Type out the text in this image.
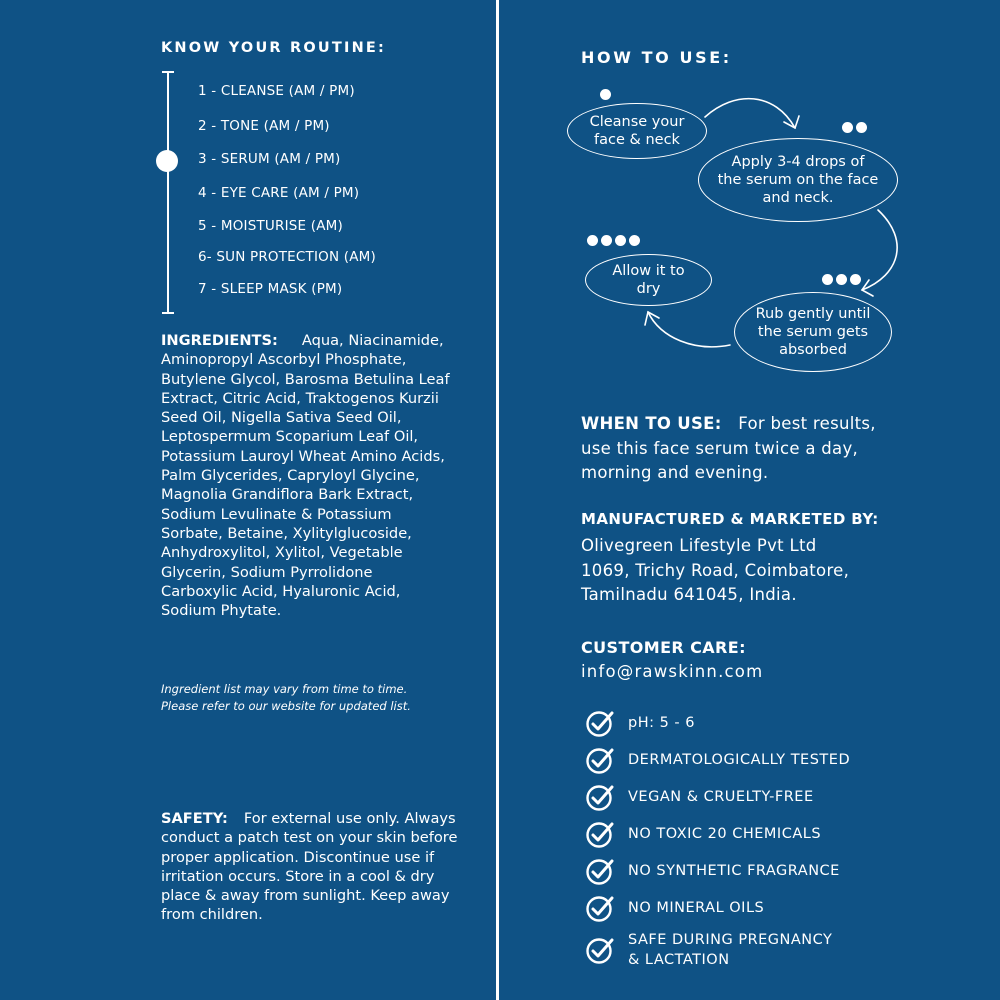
KNOW YOUR ROUTINE:
1 - CLEANSE (AM / PM)
2 - TONE (AM / PM)
3 - SERUM (AM / PM)
4 - EYE CARE (AM / PM)
5 - MOISTURISE (AM)
6- SUN PROTECTION (AM)
7 - SLEEP MASK (PM)
INGREDIENTS: Aqua, Niacinamide, Aminopropyl Ascorbyl Phosphate, Butylene Glycol, Barosma Betulina Leaf Extract, Citric Acid, Traktogenos Kurzii Seed Oil, Nigella Sativa Seed Oil, Leptospermum Scoparium Leaf Oil, Potassium Lauroyl Wheat Amino Acids, Palm Glycerides, Capryloyl Glycine, Magnolia Grandiflora Bark Extract, Sodium Levulinate & Potassium Sorbate, Betaine, Xylitylglucoside, Anhydroxylitol, Xylitol, Vegetable Glycerin, Sodium Pyrrolidone Carboxylic Acid, Hyaluronic Acid, Sodium Phytate.
Ingredient list may vary from time to time.
Please refer to our website for updated list.
SAFETY: For external use only. Always conduct a patch test on your skin before proper application. Discontinue use if irritation occurs. Store in a cool & dry place & away from sunlight. Keep away from children.
HOW TO USE:
Cleanse your
face & neck
Apply 3-4 drops of
the serum on the face
and neck.
Rub gently until
the serum gets
absorbed
Allow it to
dry
WHEN TO USE: For best results,
use this face serum twice a day,
morning and evening.
MANUFACTURED & MARKETED BY:
Olivegreen Lifestyle Pvt Ltd
1069, Trichy Road, Coimbatore,
Tamilnadu 641045, India.
CUSTOMER CARE:
info@rawskinn.com
pH: 5 - 6
DERMATOLOGICALLY TESTED
VEGAN & CRUELTY-FREE
NO TOXIC 20 CHEMICALS
NO SYNTHETIC FRAGRANCE
NO MINERAL OILS
SAFE DURING PREGNANCY
& LACTATION
